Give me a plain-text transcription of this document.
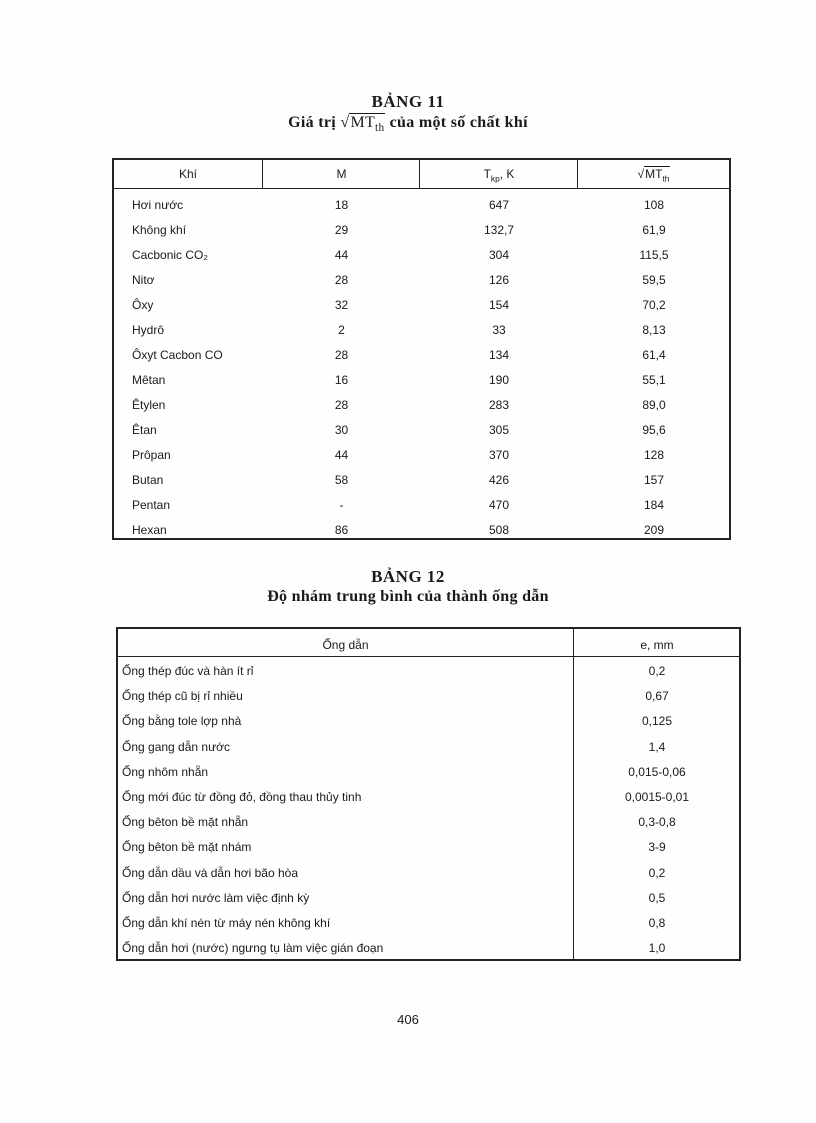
BẢNG 11
Giá trị $√MT_{th}$ của một số chất khí
Khí	M	$T_{kp}$, K	$√MT_{th}$
Hơi nước	18	647	108
Không khí	29	132,7	61,9
Cacbonic CO₂	44	304	115,5
Nitơ	28	126	59,5
Ôxy	32	154	70,2
Hydrô	2	33	8,13
Ôxyt Cacbon CO	28	134	61,4
Mêtan	16	190	55,1
Êtylen	28	283	89,0
Êtan	30	305	95,6
Prôpan	44	370	128
Butan	58	426	157
Pentan	-	470	184
Hexan	86	508	209
BẢNG 12
Độ nhám trung bình của thành ống dẫn
Ống dẫn	e, mm
Ống thép đúc và hàn ít rỉ	0,2
Ống thép cũ bị rỉ nhiều	0,67
Ống bằng tole lợp nhà	0,125
Ống gang dẫn nước	1,4
Ống nhôm nhẵn	0,015-0,06
Ống mới đúc từ đồng đỏ, đồng thau thủy tinh	0,0015-0,01
Ống bêton bề mặt nhẵn	0,3-0,8
Ống bêton bề mặt nhám	3-9
Ống dẫn dầu và dẫn hơi bão hòa	0,2
Ống dẫn hơi nước làm việc định kỳ	0,5
Ống dẫn khí nén từ máy nén không khí	0,8
Ống dẫn hơi (nước) ngưng tụ làm việc gián đoạn	1,0
406
